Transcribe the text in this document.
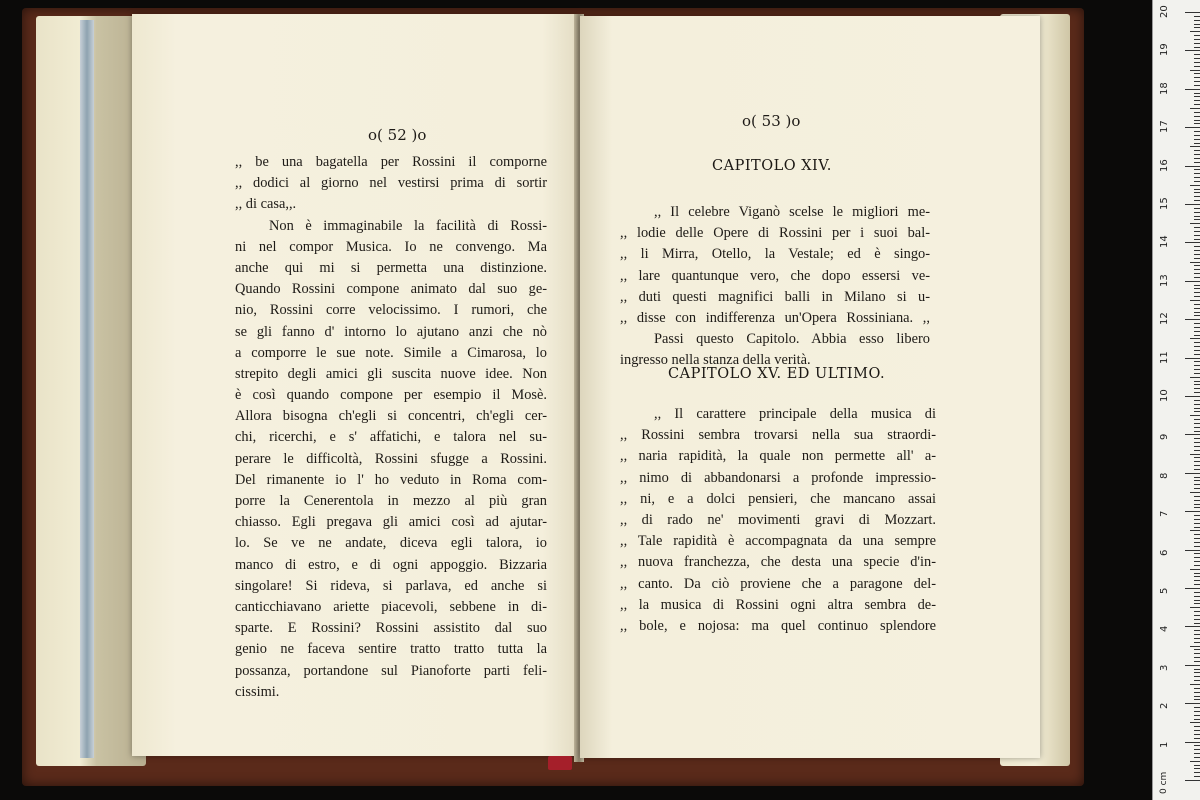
o( 52 )o
,, be una bagatella per Rossini il comporne
,, dodici al giorno nel vestirsi prima di sortir
,, di casa,,.
Non è immaginabile la facilità di Rossi-
ni nel compor Musica. Io ne convengo. Ma
anche qui mi si permetta una distinzione.
Quando Rossini compone animato dal suo ge-
nio, Rossini corre velocissimo. I rumori, che
se gli fanno d' intorno lo ajutano anzi che nò
a comporre le sue note. Simile a Cimarosa, lo
strepito degli amici gli suscita nuove idee. Non
è così quando compone per esempio il Mosè.
Allora bisogna ch'egli si concentri, ch'egli cer-
chi, ricerchi, e s' affatichi, e talora nel su-
perare le difficoltà, Rossini sfugge a Rossini.
Del rimanente io l' ho veduto in Roma com-
porre la Cenerentola in mezzo al più gran
chiasso. Egli pregava gli amici così ad ajutar-
lo. Se ve ne andate, diceva egli talora, io
manco di estro, e di ogni appoggio. Bizzaria
singolare! Si rideva, si parlava, ed anche si
canticchiavano ariette piacevoli, sebbene in di-
sparte. E Rossini? Rossini assistito dal suo
genio ne faceva sentire tratto tratto tutta la
possanza, portandone sul Pianoforte parti feli-
cissimi.
o( 53 )o
CAPITOLO XIV.
,, Il celebre Viganò scelse le migliori me-
,, lodie delle Opere di Rossini per i suoi bal-
,, li Mirra, Otello, la Vestale; ed è singo-
,, lare quantunque vero, che dopo essersi ve-
,, duti questi magnifici balli in Milano si u-
,, disse con indifferenza un'Opera Rossiniana. ,,
Passi questo Capitolo. Abbia esso libero
ingresso nella stanza della verità.
CAPITOLO XV. ED ULTIMO.
,, Il carattere principale della musica di
,, Rossini sembra trovarsi nella sua straordi-
,, naria rapidità, la quale non permette all' a-
,, nimo di abbandonarsi a profonde impressio-
,, ni, e a dolci pensieri, che mancano assai
,, di rado ne' movimenti gravi di Mozzart.
,, Tale rapidità è accompagnata da una sempre
,, nuova franchezza, che desta una specie d'in-
,, canto. Da ciò proviene che a paragone del-
,, la musica di Rossini ogni altra sembra de-
,, bole, e nojosa: ma quel continuo splendore
0 cm
1
2
3
4
5
6
7
8
9
10
11
12
13
14
15
16
17
18
19
20
